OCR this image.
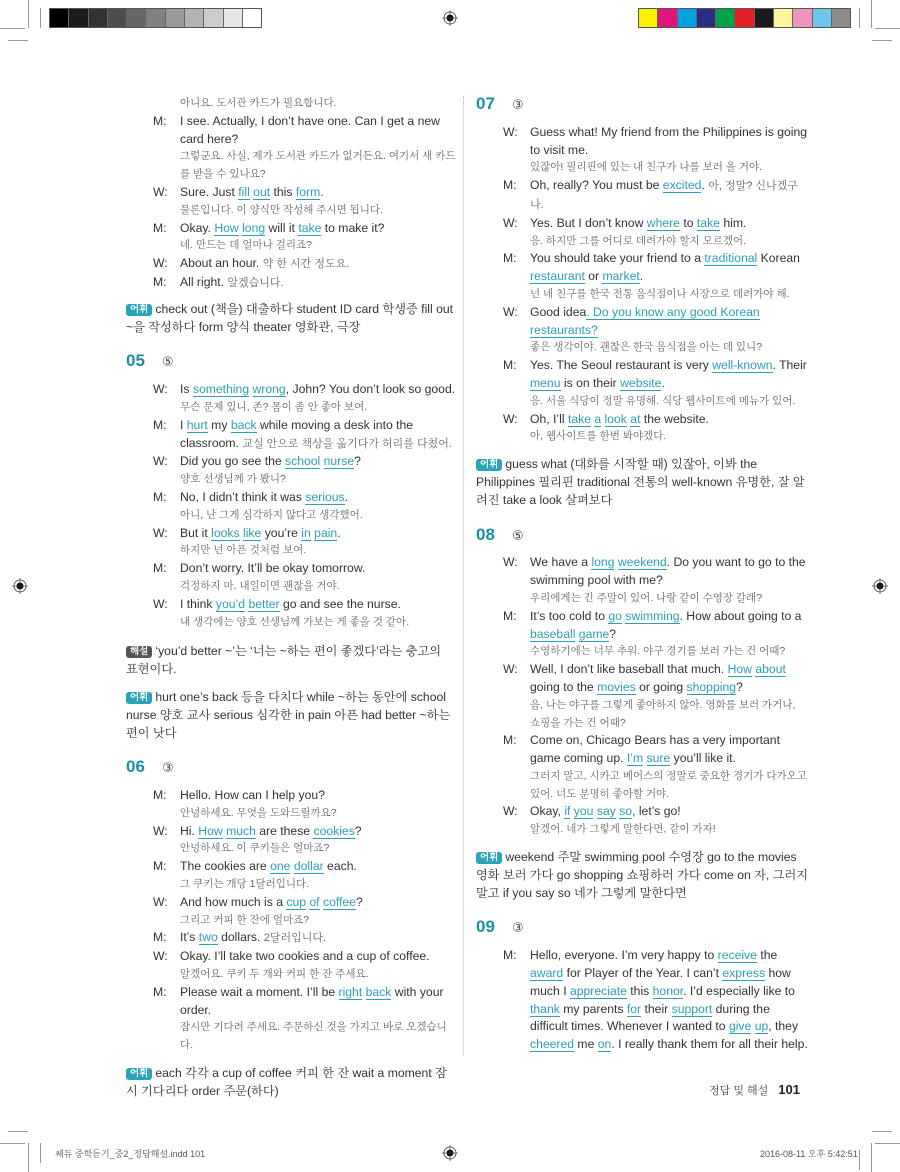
아니요. 도서관 카드가 필요합니다.
M:	I see. Actually, I don’t have one. Can I get a new card here?
그렇군요. 사실, 제가 도서관 카드가 없거든요. 여기서 새 카드를 받을 수 있나요?
W:	Sure. Just fill out this form.
물론입니다. 이 양식만 작성해 주시면 됩니다.
M:	Okay. How long will it take to make it?
네. 만드는 데 얼마나 걸리죠?
W:	About an hour. 약 한 시간 정도요.
M:	All right. 알겠습니다.
어휘 check out (책을) 대출하다 student ID card 학생증 fill out ~을 작성하다 form 양식 theater 영화관, 극장
05	⑤
W:	Is something wrong, John? You don’t look so good.
무슨 문제 있니, 존? 몸이 좀 안 좋아 보여.
M:	I hurt my back while moving a desk into the classroom. 교실 안으로 책상을 옮기다가 허리를 다쳤어.
W:	Did you go see the school nurse?
양호 선생님께 가 봤니?
M:	No, I didn’t think it was serious.
아니, 난 그게 심각하지 않다고 생각했어.
W:	But it looks like you’re in pain.
하지만 넌 아픈 것처럼 보여.
M:	Don’t worry. It’ll be okay tomorrow.
걱정하지 마. 내일이면 괜찮을 거야.
W:	I think you’d better go and see the nurse.
내 생각에는 양호 선생님께 가보는 게 좋을 것 같아.
해설 ‘you’d better ~’는 ‘너는 ~하는 편이 좋겠다’라는 충고의 표현이다.
어휘 hurt one’s back 등을 다치다 while ~하는 동안에 school nurse 양호 교사 serious 심각한 in pain 아픈 had better ~하는 편이 낫다
06	③
M:	Hello. How can I help you?
안녕하세요. 무엇을 도와드릴까요?
W:	Hi. How much are these cookies?
안녕하세요. 이 쿠키들은 얼마죠?
M:	The cookies are one dollar each.
그 쿠키는 개당 1달러입니다.
W:	And how much is a cup of coffee?
그리고 커피 한 잔에 얼마죠?
M:	It’s two dollars. 2달러입니다.
W:	Okay. I’ll take two cookies and a cup of coffee.
알겠어요. 쿠키 두 개와 커피 한 잔 주세요.
M:	Please wait a moment. I’ll be right back with your order.
잠시만 기다려 주세요. 주문하신 것을 가지고 바로 오겠습니다.
어휘 each 각각 a cup of coffee 커피 한 잔 wait a moment 잠시 기다리다 order 주문(하다)
07	③
W:	Guess what! My friend from the Philippines is going to visit me.
있잖아! 필리핀에 있는 내 친구가 나를 보러 올 거야.
M:	Oh, really? You must be excited. 아, 정말? 신나겠구나.
W:	Yes. But I don’t know where to take him.
응. 하지만 그를 어디로 데려가야 할지 모르겠어.
M:	You should take your friend to a traditional Korean restaurant or market.
넌 네 친구를 한국 전통 음식점이나 시장으로 데려가야 해.
W:	Good idea. Do you know any good Korean restaurants?
좋은 생각이야. 괜찮은 한국 음식점을 아는 데 있니?
M:	Yes. The Seoul restaurant is very well-known. Their menu is on their website.
응. 서울 식당이 정말 유명해. 식당 웹사이트에 메뉴가 있어.
W:	Oh, I’ll take a look at the website.
아, 웹사이트를 한번 봐야겠다.
어휘 guess what (대화를 시작할 때) 있잖아, 이봐 the Philippines 필리핀 traditional 전통의 well-known 유명한, 잘 알려진 take a look 살펴보다
08	⑤
W:	We have a long weekend. Do you want to go to the swimming pool with me?
우리에게는 긴 주말이 있어. 나랑 같이 수영장 갈래?
M:	It’s too cold to go swimming. How about going to a baseball game?
수영하기에는 너무 추워. 야구 경기를 보러 가는 건 어때?
W:	Well, I don’t like baseball that much. How about going to the movies or going shopping?
음, 나는 야구를 그렇게 좋아하지 않아. 영화를 보러 가거나, 쇼핑을 가는 건 어때?
M:	Come on, Chicago Bears has a very important game coming up. I’m sure you’ll like it.
그러지 말고, 시카고 베어스의 정말로 중요한 경기가 다가오고 있어. 너도 분명히 좋아할 거야.
W:	Okay, if you say so, let’s go!
알겠어. 네가 그렇게 말한다면, 같이 가자!
어휘 weekend 주말 swimming pool 수영장 go to the movies 영화 보러 가다 go shopping 쇼핑하러 가다 come on 자, 그러지 말고 if you say so 네가 그렇게 말한다면
09	③
M:	Hello, everyone. I’m very happy to receive the award for Player of the Year. I can’t express how much I appreciate this honor. I’d especially like to thank my parents for their support during the difficult times. Whenever I wanted to give up, they cheered me on. I really thank them for all their help.
정답 및 해설 101
쎄듀 중학듣기_중2_정답해설.indd 101	2016-08-11 오후 5:42:51
